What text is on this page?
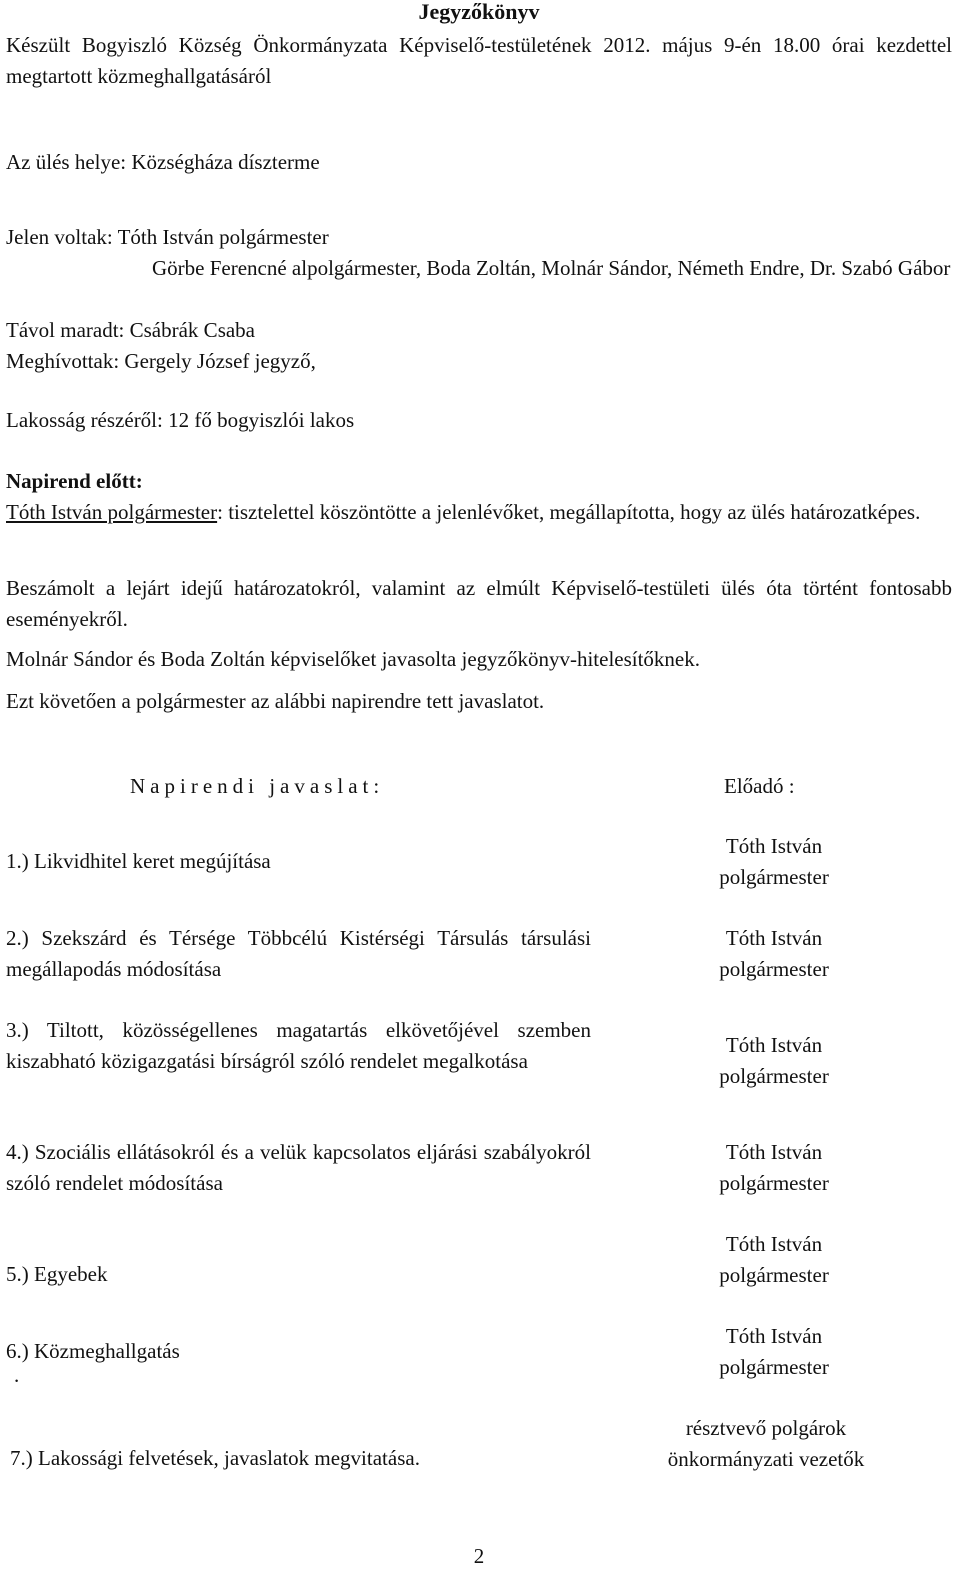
Jegyzőkönyv
Készült Bogyiszló Község Önkormányzata Képviselő-testületének 2012. május 9-én 18.00 órai kezdettel megtartott közmeghallgatásáról
Az ülés helye: Községháza díszterme
Jelen voltak: Tóth István polgármester
Görbe Ferencné alpolgármester, Boda Zoltán, Molnár Sándor, Németh Endre, Dr. Szabó Gábor
Távol maradt: Csábrák Csaba
Meghívottak: Gergely József jegyző,
Lakosság részéről: 12 fő bogyiszlói lakos
Napirend előtt:
Tóth István polgármester: tisztelettel köszöntötte a jelenlévőket, megállapította, hogy az ülés határozatképes.
Beszámolt a lejárt idejű határozatokról, valamint az elmúlt Képviselő-testületi ülés óta történt fontosabb eseményekről.
Molnár Sándor és Boda Zoltán képviselőket javasolta jegyzőkönyv-hitelesítőknek.
Ezt követően a polgármester az alábbi napirendre tett javaslatot.
Napirendi javaslat:	Előadó :
1.) Likvidhitel keret megújítása
Tóth István
polgármester
2.) Szekszárd és Térsége Többcélú Kistérségi Társulás társulási megállapodás módosítása
Tóth István
polgármester
3.) Tiltott, közösségellenes magatartás elkövetőjével szemben kiszabható közigazgatási bírságról szóló rendelet megalkotása
Tóth István
polgármester
4.) Szociális ellátásokról és a velük kapcsolatos eljárási szabályokról szóló rendelet módosítása
Tóth István
polgármester
5.) Egyebek
Tóth István
polgármester
6.) Közmeghallgatás
.
Tóth István
polgármester
7.) Lakossági felvetések, javaslatok megvitatása.
résztvevő polgárok
önkormányzati vezetők
2
